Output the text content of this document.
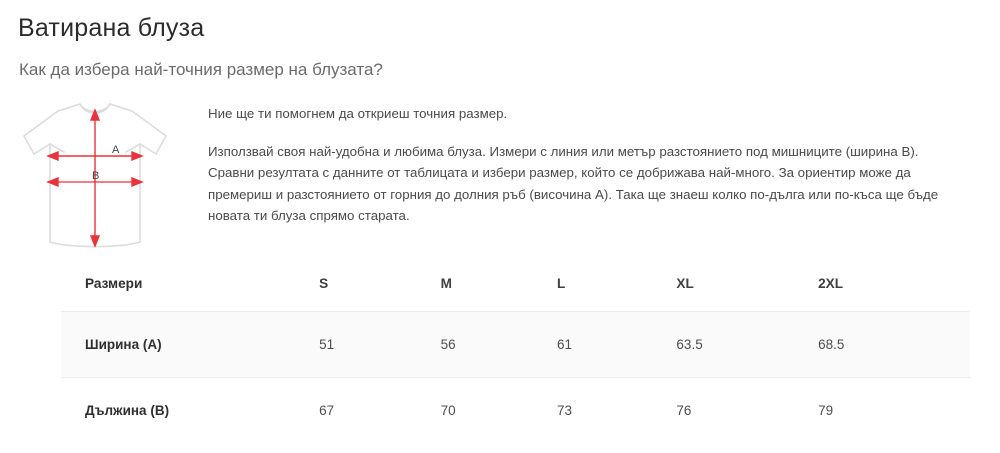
Ватирана блуза
Как да избера най-точния размер на блузата?
A
B

Ние ще ти помогнем да откриеш точния размер.

Използвай своя най-удобна и любима блуза. Измери с линия или метър разстоянието под мишниците (ширина B). Сравни резултата с данните от таблицата и избери размер, който се добрижава най-много. За ориентир може да премериш и разстоянието от горния до долния ръб (височина A). Така ще знаеш колко по-дълга или по-къса ще бъде новата ти блуза спрямо старата.

Размери	S	M	L	XL	2XL
Ширина (A)	51	56	61	63.5	68.5
Дължина (B)	67	70	73	76	79
